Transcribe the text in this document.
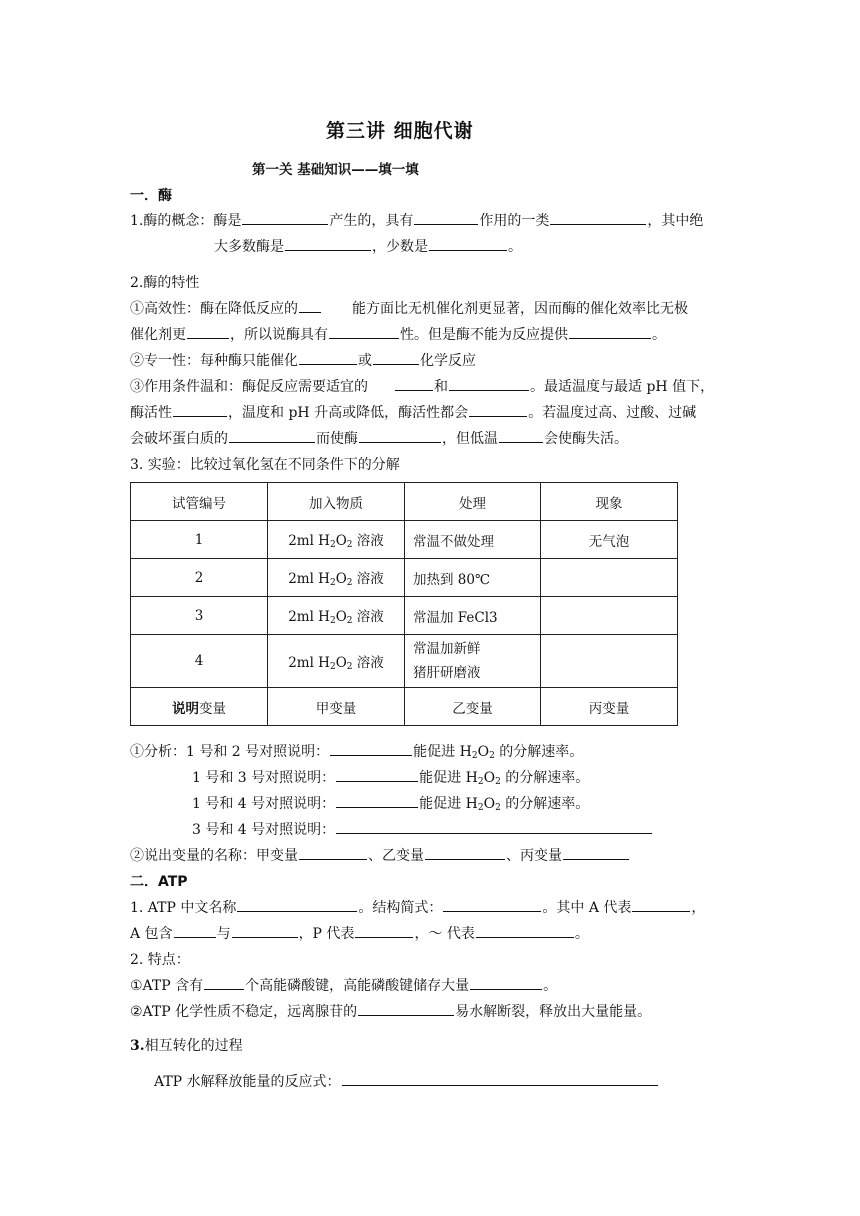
第三讲 细胞代谢
第一关 基础知识——填一填
一．酶
1.酶的概念：酶是	产生的，具有	作用的一类	，其中绝
大多数酶是	，少数是	。
2.酶的特性
①高效性：酶在降低反应的	能方面比无机催化剂更显著，因而酶的催化效率比无极
催化剂更	，所以说酶具有	性。但是酶不能为反应提供	。
②专一性：每种酶只能催化	或	化学反应
③作用条件温和：酶促反应需要适宜的	和	。最适温度与最适 pH 值下，
酶活性	，温度和 pH 升高或降低，酶活性都会	。若温度过高、过酸、过碱
会破坏蛋白质的	而使酶	，但低温	会使酶失活。
3. 实验：比较过氧化氢在不同条件下的分解
试管编号	加入物质	处理	现象
1	2ml $H_2O_2$ 溶液	常温不做处理	无气泡
2	2ml $H_2O_2$ 溶液	加热到 80℃	
3	2ml $H_2O_2$ 溶液	常温加 FeCl3	
4	2ml $H_2O_2$ 溶液	常温加新鲜
猪肝研磨液	

说明变量	甲变量	乙变量	丙变量
①分析：1 号和 2 号对照说明：	能促进 $H_2O_2$ 的分解速率。
1 号和 3 号对照说明：	能促进 $H_2O_2$ 的分解速率。
1 号和 4 号对照说明：	能促进 $H_2O_2$ 的分解速率。
3 号和 4 号对照说明：
②说出变量的名称：甲变量	、乙变量	、丙变量
二．ATP
1. ATP 中文名称	。结构简式：	。其中 A 代表	，
A 包含	与	，P 代表	，～ 代表	。
2. 特点：
①ATP 含有	个高能磷酸键，高能磷酸键储存大量	。
②ATP 化学性质不稳定，远离腺苷的	易水解断裂，释放出大量能量。
3.相互转化的过程
ATP 水解释放能量的反应式：
